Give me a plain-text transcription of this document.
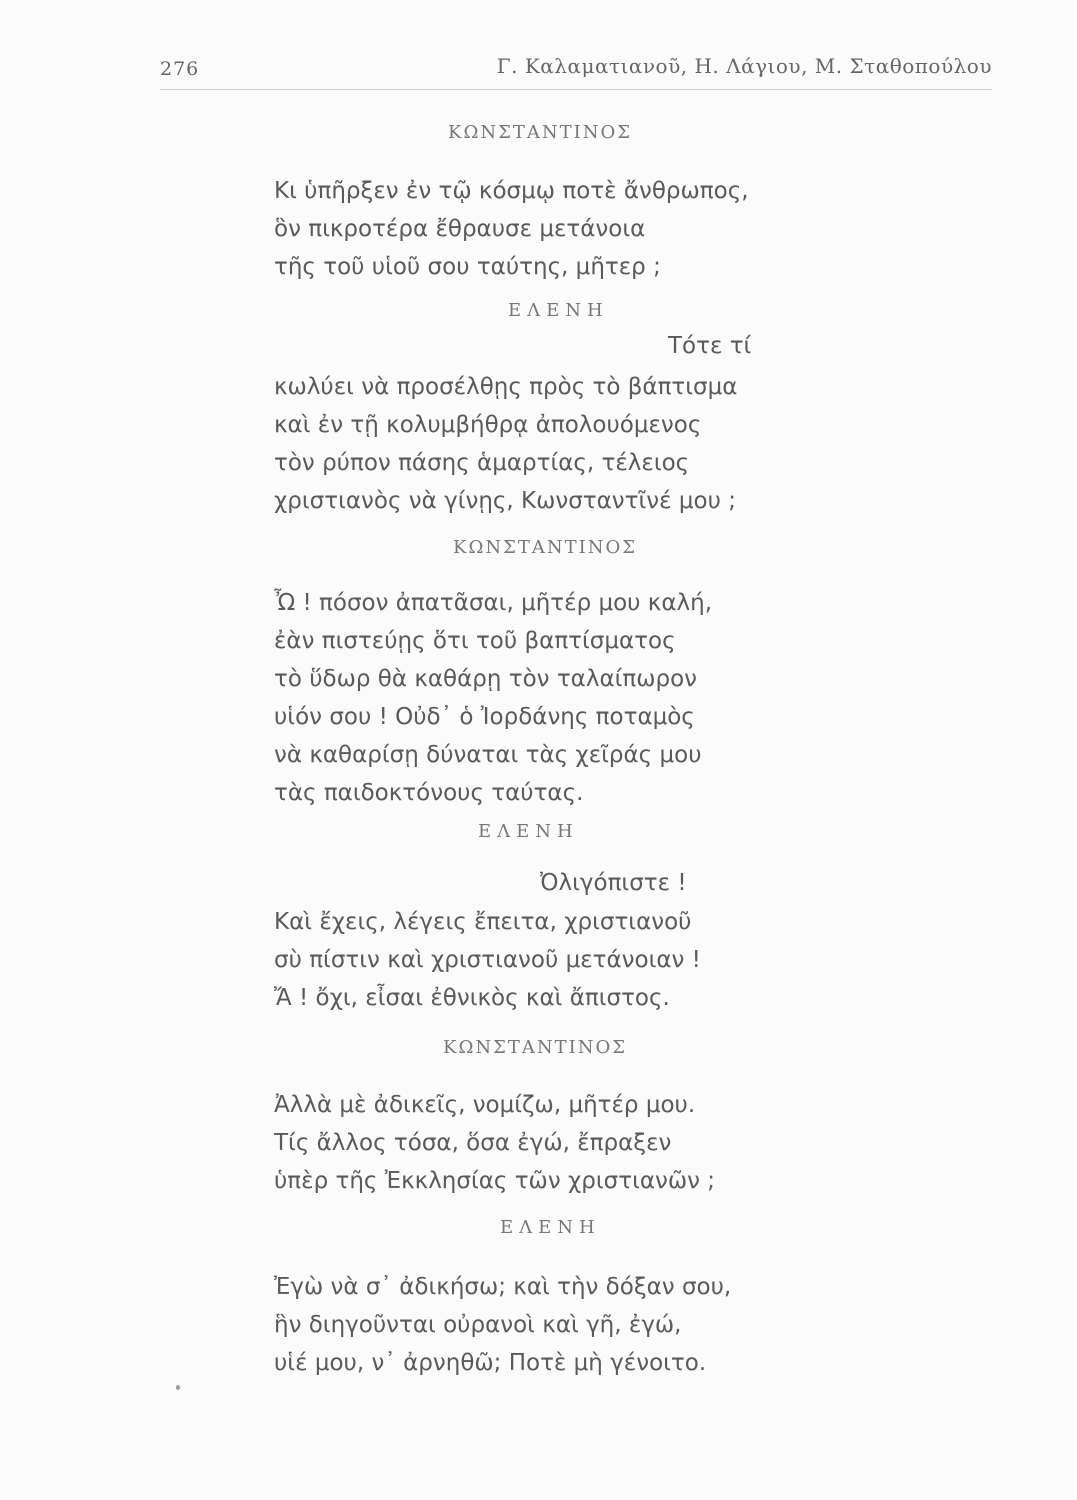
276	Γ. Καλαματιανοῦ, Η. Λάγιου, Μ. Σταθοπούλου
ΚΩΝΣΤΑΝΤΙΝΟΣ
Κι ὑπῆρξεν ἐν τῷ κόσμῳ ποτὲ ἄνθρωπος,
ὃν πικροτέρα ἔθραυσε μετάνοια
τῆς τοῦ υἱοῦ σου ταύτης, μῆτερ ;
ΕΛΕΝΗ
Τότε τί
κωλύει νὰ προσέλθῃς πρὸς τὸ βάπτισμα
καὶ ἐν τῇ κολυμβήθρᾳ ἀπολουόμενος
τὸν ρύπον πάσης ἁμαρτίας, τέλειος
χριστιανὸς νὰ γίνῃς, Κωνσταντῖνέ μου ;
ΚΩΝΣΤΑΝΤΙΝΟΣ
Ὦ ! πόσον ἀπατᾶσαι, μῆτέρ μου καλή,
ἐὰν πιστεύῃς ὅτι τοῦ βαπτίσματος
τὸ ὕδωρ θὰ καθάρῃ τὸν ταλαίπωρον
υἱόν σου ! Οὐδ᾽ ὁ Ἰορδάνης ποταμὸς
νὰ καθαρίσῃ δύναται τὰς χεῖράς μου
τὰς παιδοκτόνους ταύτας.
ΕΛΕΝΗ
Ὀλιγόπιστε !
Καὶ ἔχεις, λέγεις ἔπειτα, χριστιανοῦ
σὺ πίστιν καὶ χριστιανοῦ μετάνοιαν !
Ἄ ! ὄχι, εἶσαι ἐθνικὸς καὶ ἄπιστος.
ΚΩΝΣΤΑΝΤΙΝΟΣ
Ἀλλὰ μὲ ἀδικεῖς, νομίζω, μῆτέρ μου.
Τίς ἄλλος τόσα, ὅσα ἐγώ, ἔπραξεν
ὑπὲρ τῆς Ἐκκλησίας τῶν χριστιανῶν ;
ΕΛΕΝΗ
Ἐγὼ νὰ σ᾽ ἀδικήσω; καὶ τὴν δόξαν σου,
ἣν διηγοῦνται οὐρανοὶ καὶ γῆ, ἐγώ,
υἱέ μου, ν᾽ ἀρνηθῶ; Ποτὲ μὴ γένοιτο.
